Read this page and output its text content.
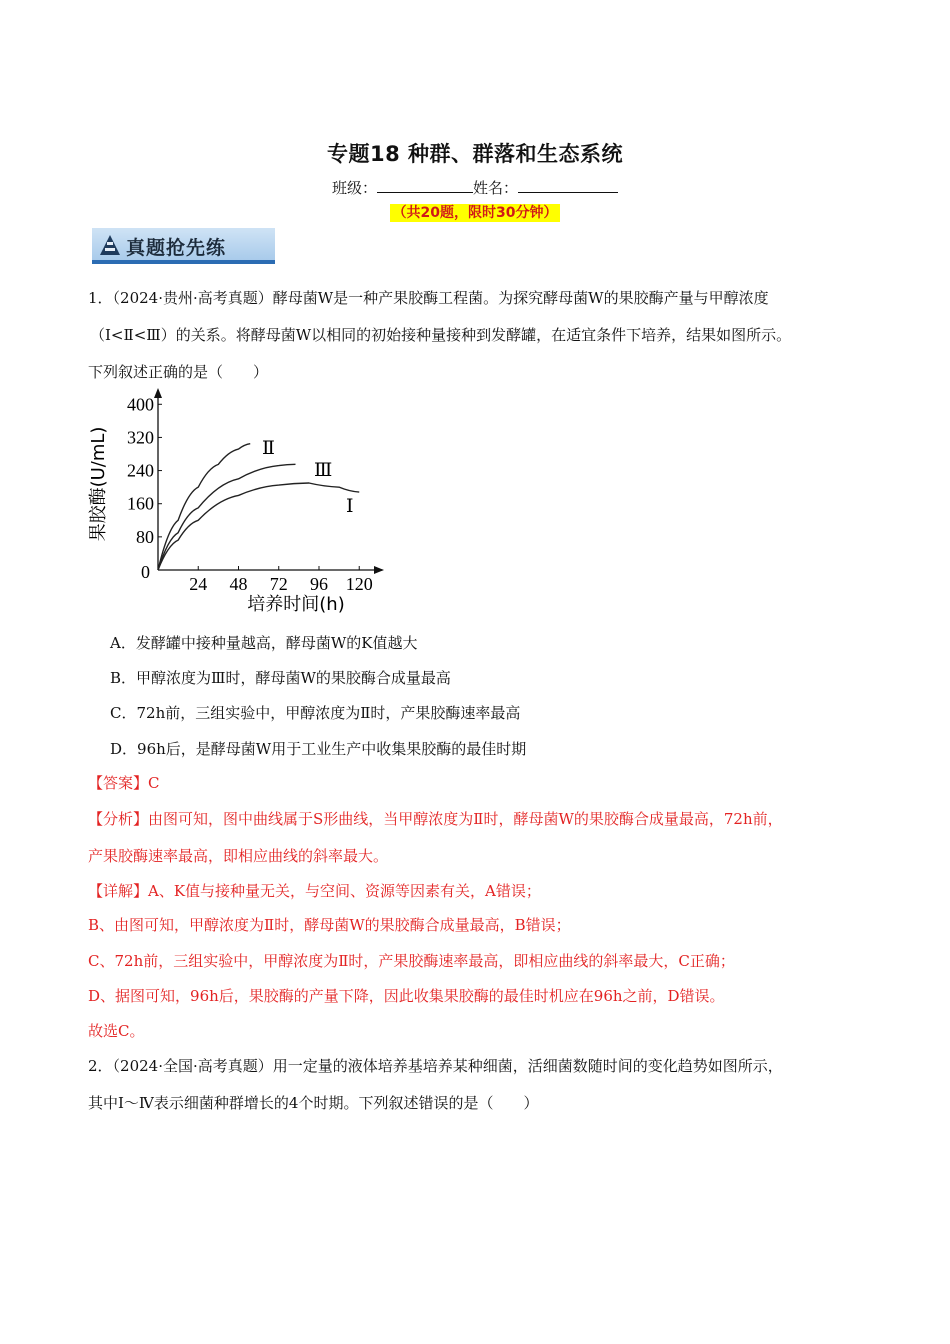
专题18 种群、群落和生态系统
班级：	姓名：
（共20题，限时30分钟）
真题抢先练
1．（2024·贵州·高考真题）酵母菌W是一种产果胶酶工程菌。为探究酵母菌W的果胶酶产量与甲醇浓度
（Ⅰ<Ⅱ<Ⅲ）的关系。将酵母菌W以相同的初始接种量接种到发酵罐，在适宜条件下培养，结果如图所示。
下列叙述正确的是（　　）
0
24 48 72 96 120
80
160
240
320
400
培养时间(h)
果胶酶(U/mL)	Ⅱ
Ⅲ
Ⅰ
A．发酵罐中接种量越高，酵母菌W的K值越大
B．甲醇浓度为Ⅲ时，酵母菌W的果胶酶合成量最高
C．72h前，三组实验中，甲醇浓度为Ⅱ时，产果胶酶速率最高
D．96h后，是酵母菌W用于工业生产中收集果胶酶的最佳时期
【答案】C
【分析】由图可知，图中曲线属于S形曲线，当甲醇浓度为Ⅱ时，酵母菌W的果胶酶合成量最高，72h前，
产果胶酶速率最高，即相应曲线的斜率最大。
【详解】A、K值与接种量无关，与空间、资源等因素有关，A错误；
B、由图可知，甲醇浓度为Ⅱ时，酵母菌W的果胶酶合成量最高，B错误；
C、72h前，三组实验中，甲醇浓度为Ⅱ时，产果胶酶速率最高，即相应曲线的斜率最大，C正确；
D、据图可知，96h后，果胶酶的产量下降，因此收集果胶酶的最佳时机应在96h之前，D错误。
故选C。
2．（2024·全国·高考真题）用一定量的液体培养基培养某种细菌，活细菌数随时间的变化趋势如图所示，
其中Ⅰ～Ⅳ表示细菌种群增长的4个时期。下列叙述错误的是（　　）
